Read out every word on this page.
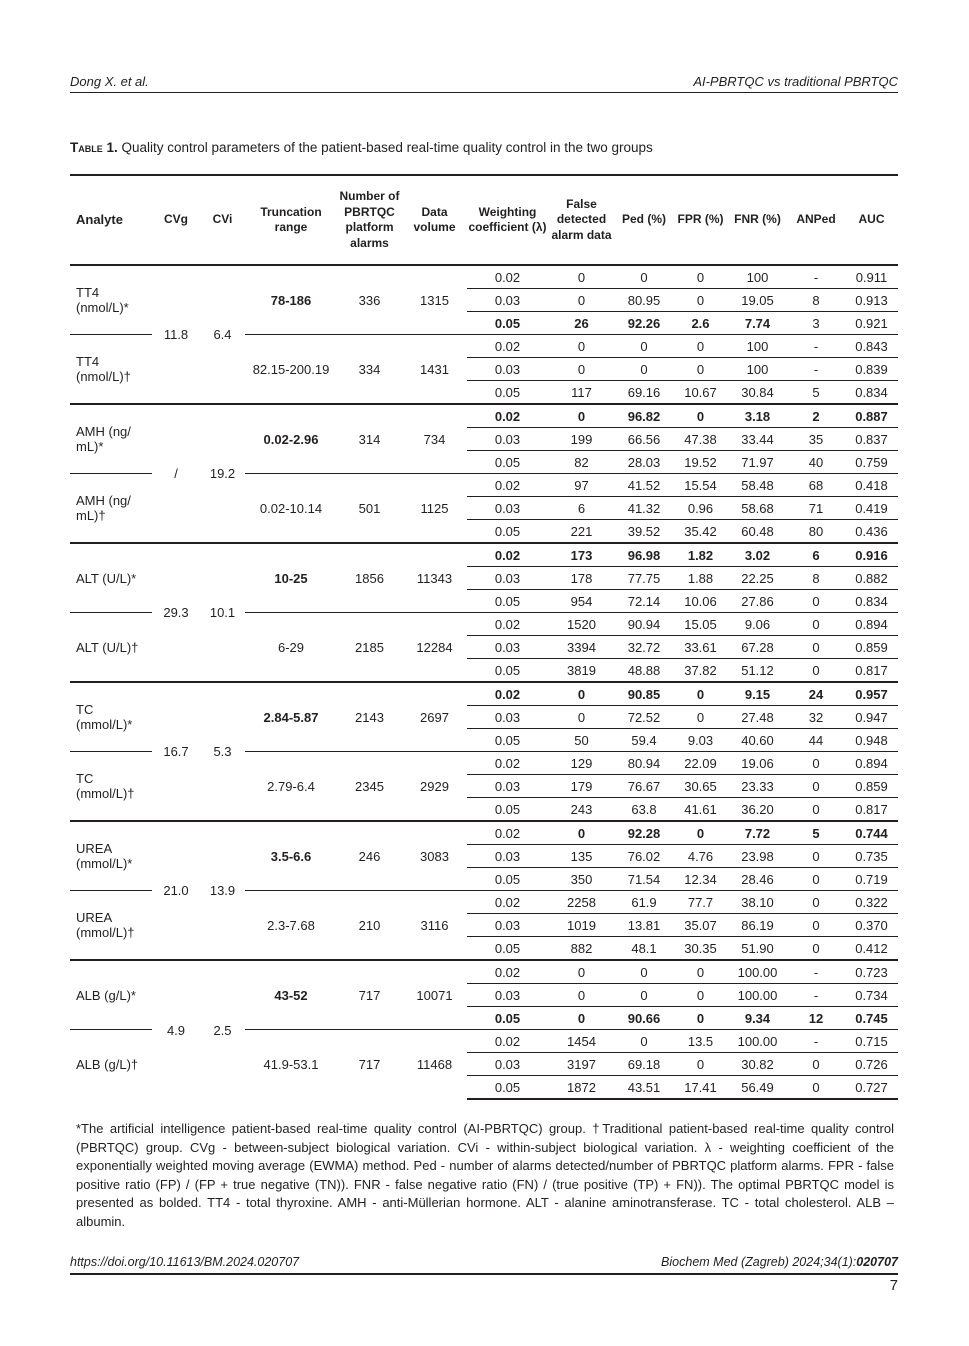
Dong X. et al.	AI-PBRTQC vs traditional PBRTQC
Table 1. Quality control parameters of the patient-based real-time quality control in the two groups
Analyte	CVg	CVi	Truncation range	Number of PBRTQC platform alarms	Data volume	Weighting coefficient (λ)	False detected alarm data	Ped (%)	FPR (%)	FNR (%)	ANPed	AUC
TT4 (nmol/L)*	11.8	6.4	78-186	336	1315	0.02	0	0	0	100	-	0.911
						0.03	0	80.95	0	19.05	8	0.913
						0.05	26	92.26	2.6	7.74	3	0.921
TT4 (nmol/L)†			82.15-200.19	334	1431	0.02	0	0	0	100	-	0.843
						0.03	0	0	0	100	-	0.839
						0.05	117	69.16	10.67	30.84	5	0.834
AMH (ng/ mL)*	/	19.2	0.02-2.96	314	734	0.02	0	96.82	0	3.18	2	0.887
						0.03	199	66.56	47.38	33.44	35	0.837
						0.05	82	28.03	19.52	71.97	40	0.759
AMH (ng/ mL)†			0.02-10.14	501	1125	0.02	97	41.52	15.54	58.48	68	0.418
						0.03	6	41.32	0.96	58.68	71	0.419
						0.05	221	39.52	35.42	60.48	80	0.436
ALT (U/L)*	29.3	10.1	10-25	1856	11343	0.02	173	96.98	1.82	3.02	6	0.916
						0.03	178	77.75	1.88	22.25	8	0.882
						0.05	954	72.14	10.06	27.86	0	0.834
ALT (U/L)†			6-29	2185	12284	0.02	1520	90.94	15.05	9.06	0	0.894
						0.03	3394	32.72	33.61	67.28	0	0.859
						0.05	3819	48.88	37.82	51.12	0	0.817
TC (mmol/L)*	16.7	5.3	2.84-5.87	2143	2697	0.02	0	90.85	0	9.15	24	0.957
						0.03	0	72.52	0	27.48	32	0.947
						0.05	50	59.4	9.03	40.60	44	0.948
TC (mmol/L)†			2.79-6.4	2345	2929	0.02	129	80.94	22.09	19.06	0	0.894
						0.03	179	76.67	30.65	23.33	0	0.859
						0.05	243	63.8	41.61	36.20	0	0.817
UREA (mmol/L)*	21.0	13.9	3.5-6.6	246	3083	0.02	0	92.28	0	7.72	5	0.744
						0.03	135	76.02	4.76	23.98	0	0.735
						0.05	350	71.54	12.34	28.46	0	0.719
UREA (mmol/L)†			2.3-7.68	210	3116	0.02	2258	61.9	77.7	38.10	0	0.322
						0.03	1019	13.81	35.07	86.19	0	0.370
						0.05	882	48.1	30.35	51.90	0	0.412
ALB (g/L)*	4.9	2.5	43-52	717	10071	0.02	0	0	0	100.00	-	0.723
						0.03	0	0	0	100.00	-	0.734
						0.05	0	90.66	0	9.34	12	0.745
ALB (g/L)†			41.9-53.1	717	11468	0.02	1454	0	13.5	100.00	-	0.715
						0.03	3197	69.18	0	30.82	0	0.726
						0.05	1872	43.51	17.41	56.49	0	0.727
*The artificial intelligence patient-based real-time quality control (AI-PBRTQC) group. †Traditional patient-based real-time quality control (PBRTQC) group. CVg - between-subject biological variation. CVi - within-subject biological variation. λ - weighting coefficient of the exponentially weighted moving average (EWMA) method. Ped - number of alarms detected/number of PBRTQC platform alarms. FPR - false positive ratio (FP) / (FP + true negative (TN)). FNR - false negative ratio (FN) / (true positive (TP) + FN)). The optimal PBRTQC model is presented as bolded. TT4 - total thyroxine. AMH - anti-Müllerian hormone. ALT - alanine aminotransferase. TC - total cholesterol. ALB – albumin.
https://doi.org/10.11613/BM.2024.020707	Biochem Med (Zagreb) 2024;34(1):020707
7
